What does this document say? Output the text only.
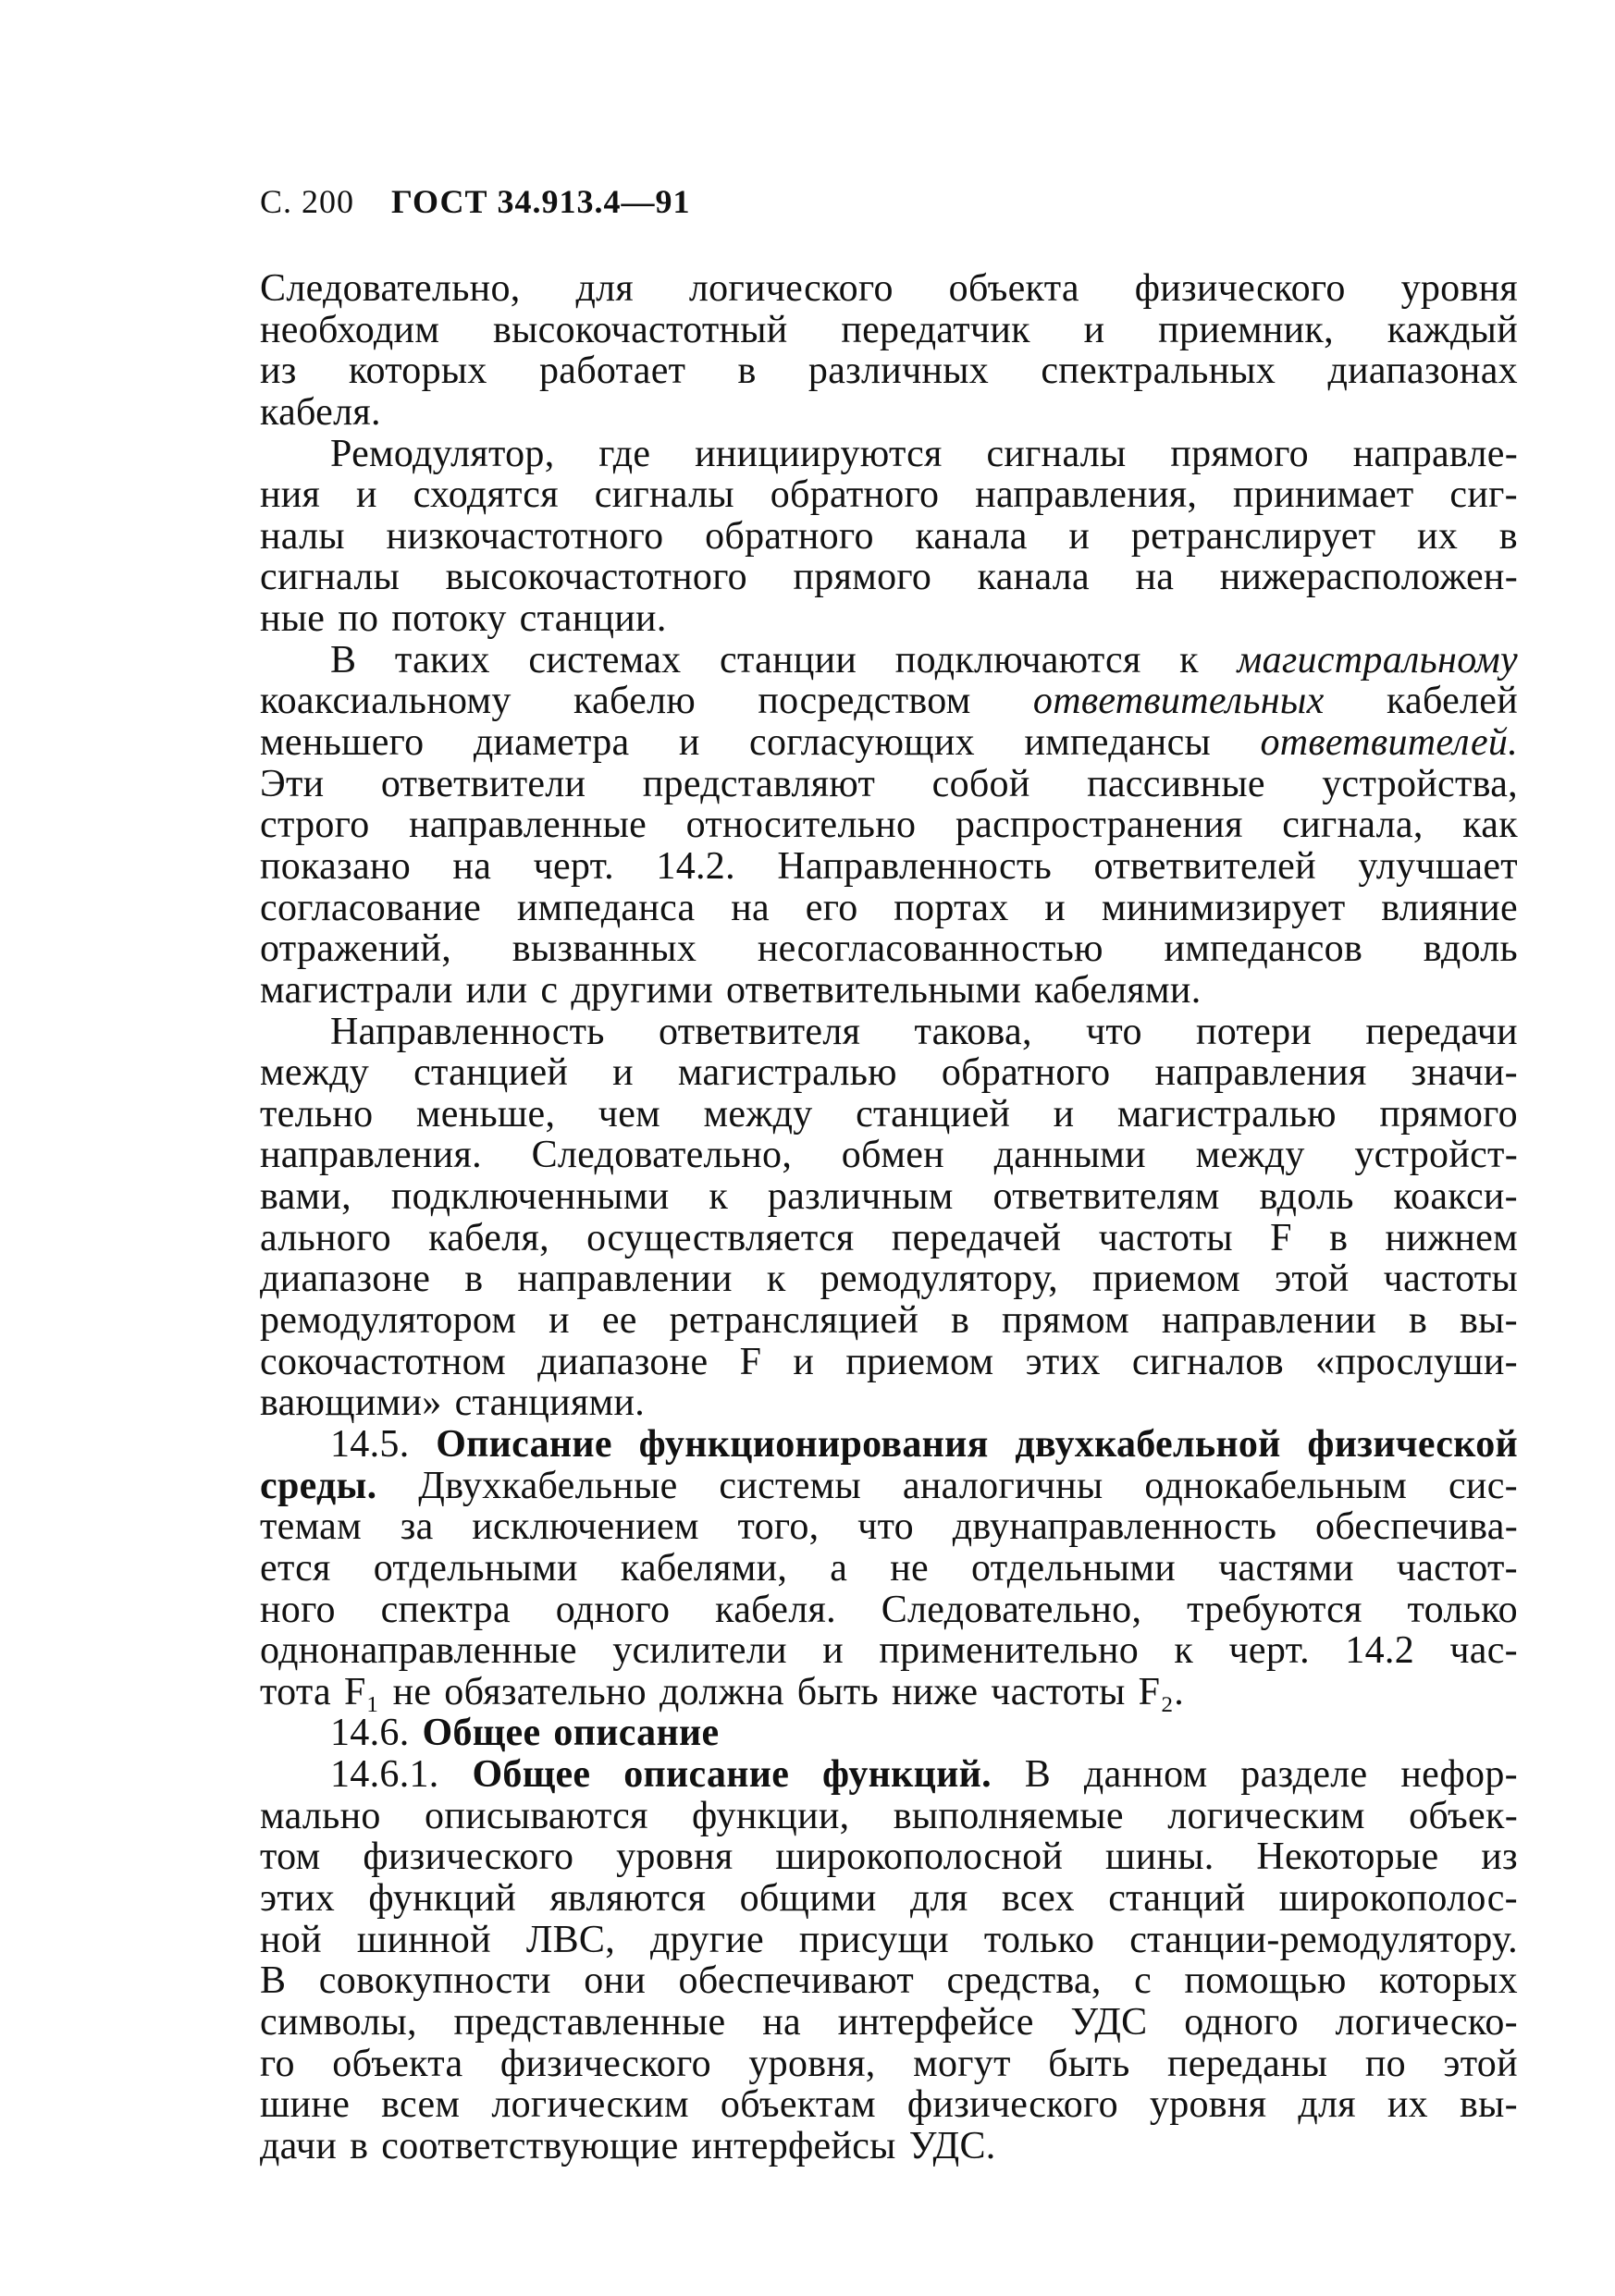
С. 200 ГОСТ 34.913.4—91
Следовательно, для логического объекта физического уровня
необходим высокочастотный передатчик и приемник, каждый
из которых работает в различных спектральных диапазонах
кабеля.
Ремодулятор, где инициируются сигналы прямого направле-
ния и сходятся сигналы обратного направления, принимает сиг-
налы низкочастотного обратного канала и ретранслирует их в
сигналы высокочастотного прямого канала на нижерасположен-
ные по потоку станции.
В таких системах станции подключаются к магистральному
коаксиальному кабелю посредством ответвительных кабелей
меньшего диаметра и согласующих импедансы ответвителей.
Эти ответвители представляют собой пассивные устройства,
строго направленные относительно распространения сигнала, как
показано на черт. 14.2. Направленность ответвителей улучшает
согласование импеданса на его портах и минимизирует влияние
отражений, вызванных несогласованностью импедансов вдоль
магистрали или с другими ответвительными кабелями.
Направленность ответвителя такова, что потери передачи
между станцией и магистралью обратного направления значи-
тельно меньше, чем между станцией и магистралью прямого
направления. Следовательно, обмен данными между устройст-
вами, подключенными к различным ответвителям вдоль коакси-
ального кабеля, осуществляется передачей частоты F в нижнем
диапазоне в направлении к ремодулятору, приемом этой частоты
ремодулятором и ее ретрансляцией в прямом направлении в вы-
сокочастотном диапазоне F и приемом этих сигналов «прослуши-
вающими» станциями.
14.5. Описание функционирования двухкабельной физической
среды. Двухкабельные системы аналогичны однокабельным сис-
темам за исключением того, что двунаправленность обеспечива-
ется отдельными кабелями, а не отдельными частями частот-
ного спектра одного кабеля. Следовательно, требуются только
однонаправленные усилители и применительно к черт. 14.2 час-
тота F₁ не обязательно должна быть ниже частоты F₂.
14.6. Общее описание
14.6.1. Общее описание функций. В данном разделе нефор-
мально описываются функции, выполняемые логическим объек-
том физического уровня широкополосной шины. Некоторые из
этих функций являются общими для всех станций широкополос-
ной шинной ЛВС, другие присущи только станции-ремодулятору.
В совокупности они обеспечивают средства, с помощью которых
символы, представленные на интерфейсе УДС одного логическо-
го объекта физического уровня, могут быть переданы по этой
шине всем логическим объектам физического уровня для их вы-
дачи в соответствующие интерфейсы УДС.
